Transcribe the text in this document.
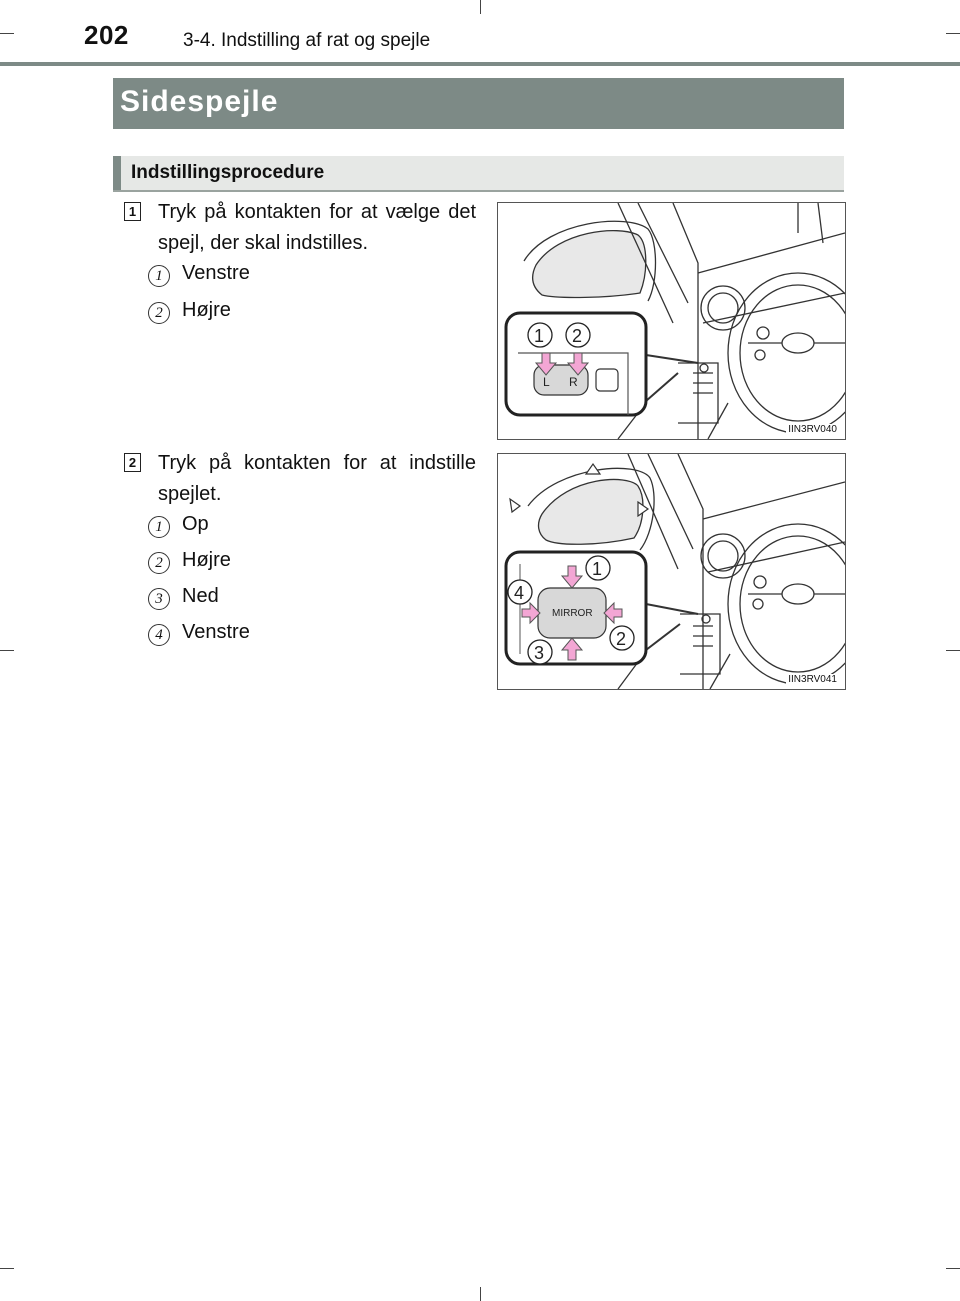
202	3-4. Indstilling af rat og spejle
Sidespejle
Indstillingsprocedure
1 Tryk på kontakten for at vælge det spejl, der skal indstilles.
1 Venstre
2 Højre
L R
1 2
IIN3RV040
2 Tryk på kontakten for at indstille spejlet.
1 Op
2 Højre
3 Ned
4 Venstre
MIRROR
1
2
3
4
IIN3RV041
